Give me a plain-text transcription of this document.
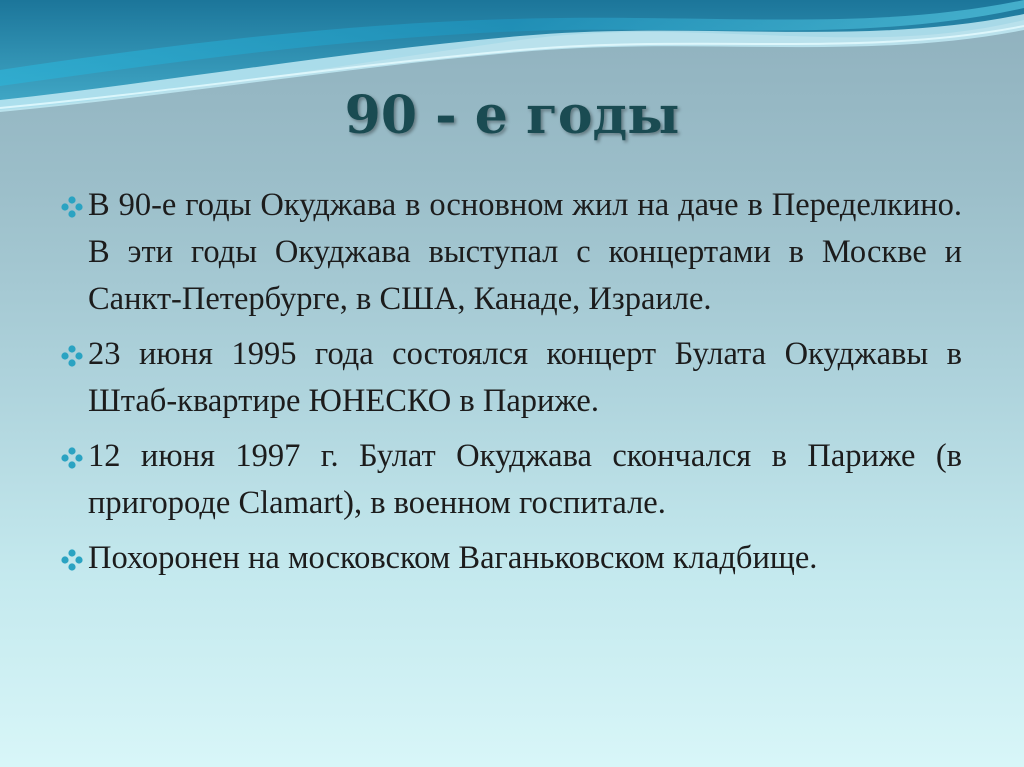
90 - е годы
В 90-е годы Окуджава в основном жил на даче в Переделкино. В эти годы Окуджава выступал с концертами в Москве и Санкт-Петербурге, в США, Канаде, Израиле.
23 июня 1995 года состоялся концерт Булата Окуджавы в Штаб-квартире ЮНЕСКО в Париже.
12 июня 1997 г. Булат Окуджава скончался в Париже (в пригороде Clamart), в военном госпитале.
Похоронен на московском Ваганьковском кладбище.
